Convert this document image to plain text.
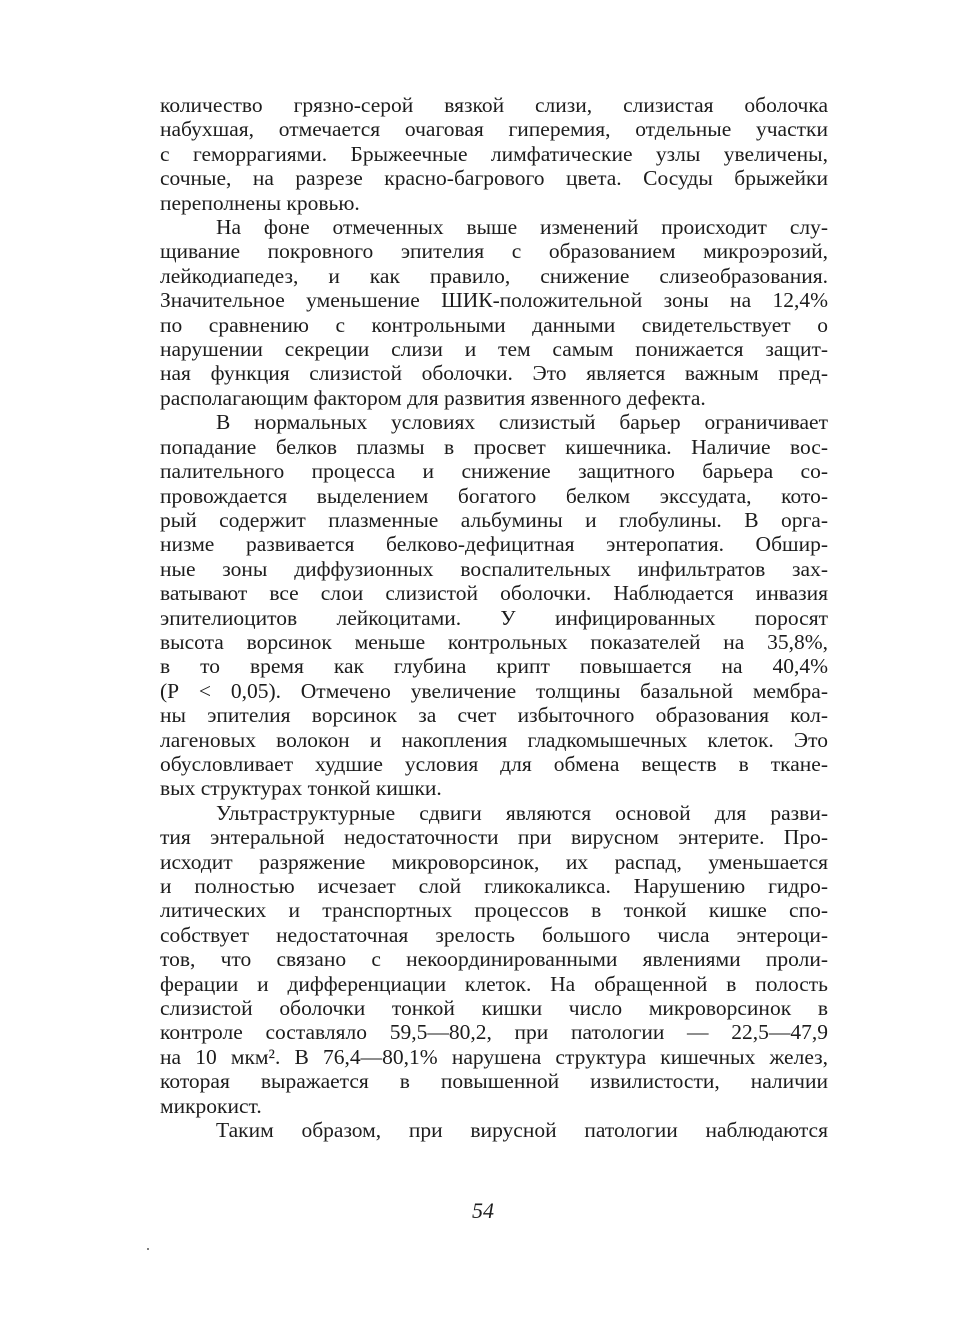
количество грязно-серой вязкой слизи, слизистая оболочка
набухшая, отмечается очаговая гиперемия, отдельные участки
с геморрагиями. Брыжеечные лимфатические узлы увеличены,
сочные, на разрезе красно-багрового цвета. Сосуды брыжейки
переполнены кровью.

На фоне отмеченных выше изменений происходит слу-
щивание покровного эпителия с образованием микроэрозий,
лейкодиапедез, и как правило, снижение слизеобразования.
Значительное уменьшение ШИК-положительной зоны на 12,4%
по сравнению с контрольными данными свидетельствует о
нарушении секреции слизи и тем самым понижается защит-
ная функция слизистой оболочки. Это является важным пред-
располагающим фактором для развития язвенного дефекта.

В нормальных условиях слизистый барьер ограничивает
попадание белков плазмы в просвет кишечника. Наличие вос-
палительного процесса и снижение защитного барьера со-
провождается выделением богатого белком экссудата, кото-
рый содержит плазменные альбумины и глобулины. В орга-
низме развивается белково-дефицитная энтеропатия. Обшир-
ные зоны диффузионных воспалительных инфильтратов зах-
ватывают все слои слизистой оболочки. Наблюдается инвазия
эпителиоцитов лейкоцитами. У инфицированных поросят
высота ворсинок меньше контрольных показателей на 35,8%,
в то время как глубина крипт повышается на 40,4%
(Р < 0,05). Отмечено увеличение толщины базальной мембра-
ны эпителия ворсинок за счет избыточного образования кол-
лагеновых волокон и накопления гладкомышечных клеток. Это
обусловливает худшие условия для обмена веществ в ткане-
вых структурах тонкой кишки.

Ультраструктурные сдвиги являются основой для разви-
тия энтеральной недостаточности при вирусном энтерите. Про-
исходит разряжение микроворсинок, их распад, уменьшается
и полностью исчезает слой гликокаликса. Нарушению гидро-
литических и транспортных процессов в тонкой кишке спо-
собствует недостаточная зрелость большого числа энтероци-
тов, что связано с некоординированными явлениями проли-
ферации и дифференциации клеток. На обращенной в полость
слизистой оболочки тонкой кишки число микроворсинок в
контроле составляло 59,5—80,2, при патологии — 22,5—47,9
на 10 мкм². В 76,4—80,1% нарушена структура кишечных желез,
которая выражается в повышенной извилистости, наличии
микрокист.

Таким образом, при вирусной патологии наблюдаются

54
